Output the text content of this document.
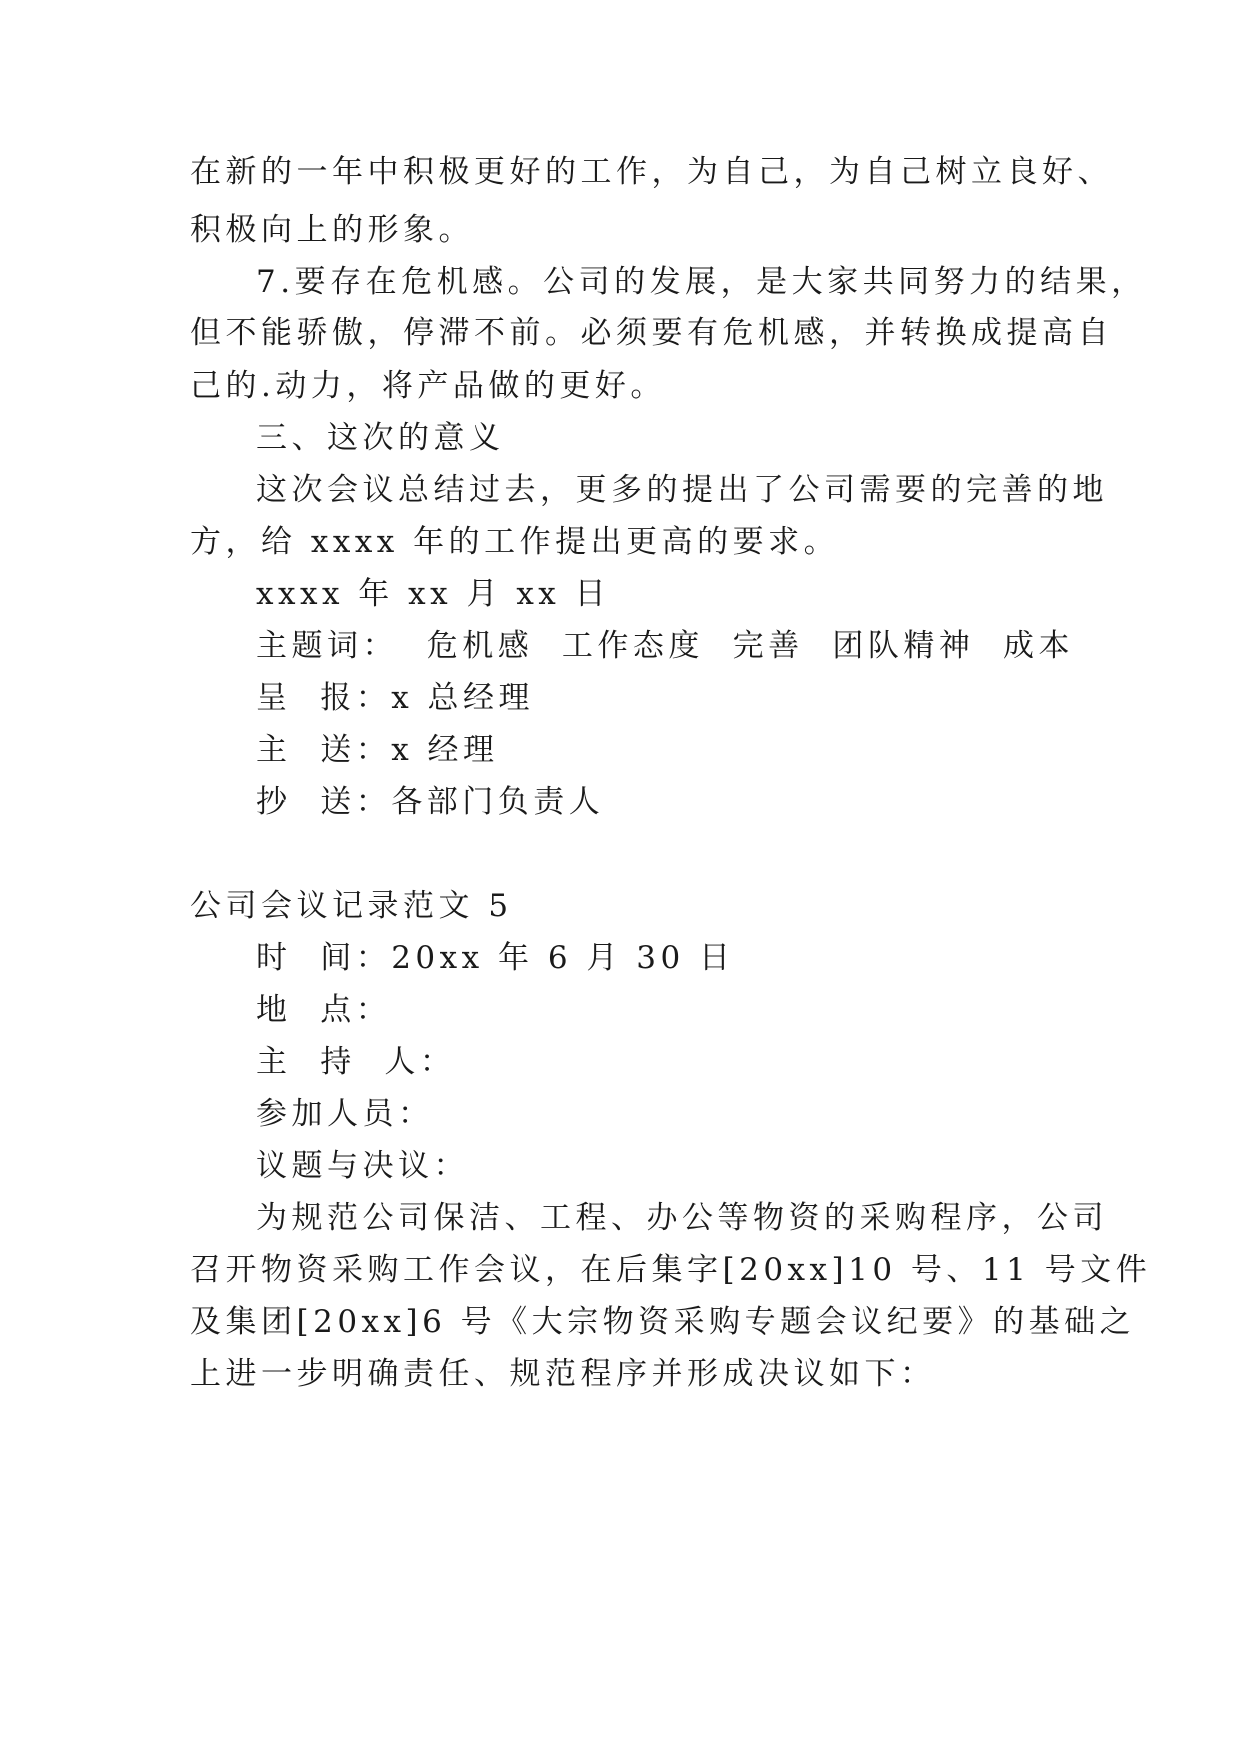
在新的一年中积极更好的工作，为自己，为自己树立良好、
积极向上的形象。
7.要存在危机感。公司的发展，是大家共同努力的结果，
但不能骄傲，停滞不前。必须要有危机感，并转换成提高自
己的.动力，将产品做的更好。
三、这次的意义
这次会议总结过去，更多的提出了公司需要的完善的地
方，给 xxxx 年的工作提出更高的要求。
xxxx 年 xx 月 xx 日
主题词：  危机感  工作态度  完善  团队精神  成本
呈  报：x 总经理
主  送：x 经理
抄  送：各部门负责人
公司会议记录范文 5
时  间：20xx 年 6 月 30 日
地  点：
主  持  人：
参加人员：
议题与决议：
为规范公司保洁、工程、办公等物资的采购程序，公司
召开物资采购工作会议，在后集字[20xx]10 号、11 号文件
及集团[20xx]6 号《大宗物资采购专题会议纪要》的基础之
上进一步明确责任、规范程序并形成决议如下：
